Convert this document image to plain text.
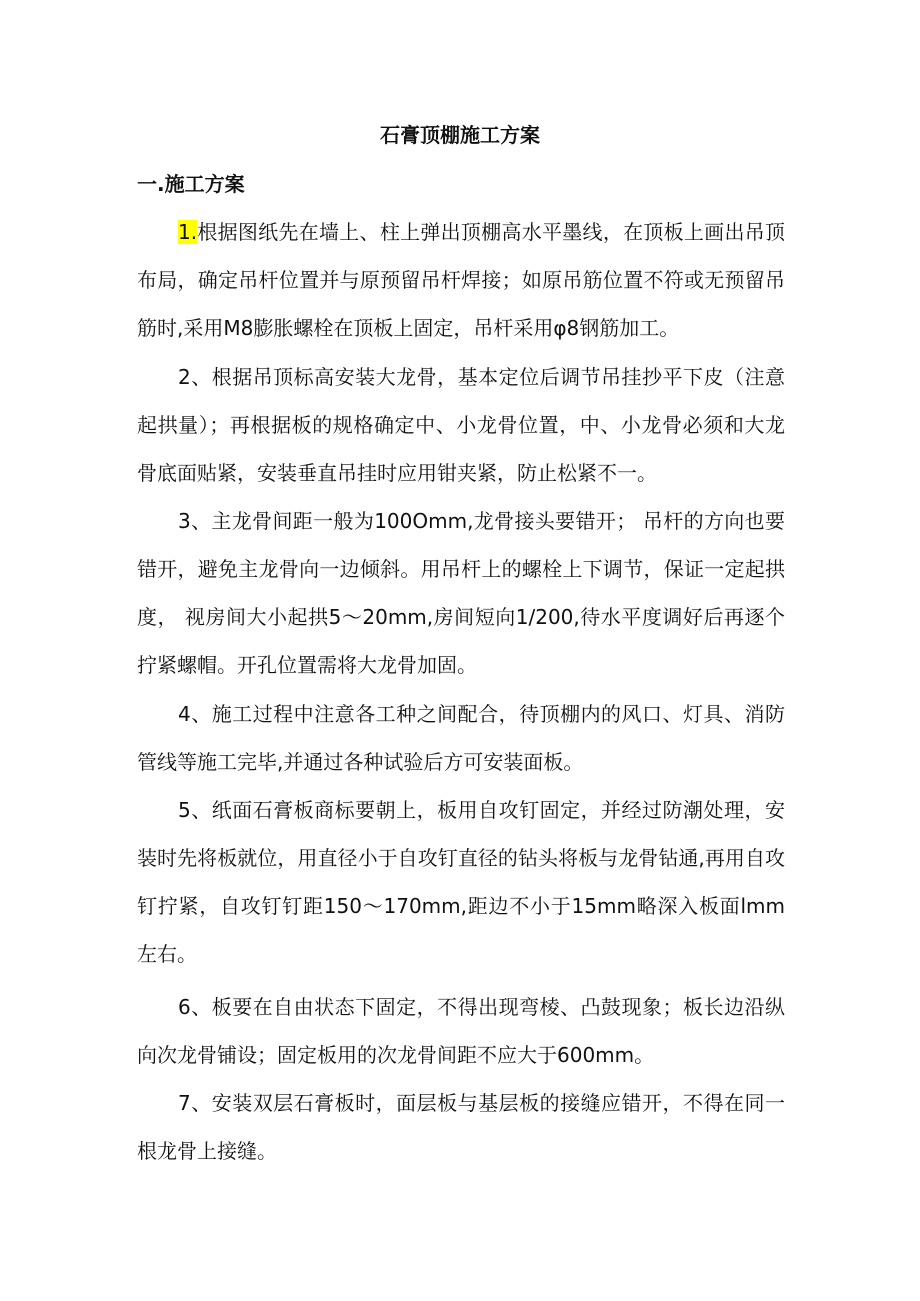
石膏顶棚施工方案
一.施工方案

1.根据图纸先在墙上、柱上弹出顶棚高水平墨线，在顶板上画出吊顶布局，确定吊杆位置并与原预留吊杆焊接；如原吊筋位置不符或无预留吊筋时,采用M8膨胀螺栓在顶板上固定，吊杆采用φ8钢筋加工。

2、根据吊顶标高安装大龙骨，基本定位后调节吊挂抄平下皮（注意起拱量）；再根据板的规格确定中、小龙骨位置，中、小龙骨必须和大龙骨底面贴紧，安装垂直吊挂时应用钳夹紧，防止松紧不一。

3、主龙骨间距一般为100Omm,龙骨接头要错开； 吊杆的方向也要错开，避免主龙骨向一边倾斜。用吊杆上的螺栓上下调节，保证一定起拱度， 视房间大小起拱5～20mm,房间短向1/200,待水平度调好后再逐个拧紧螺帽。开孔位置需将大龙骨加固。

4、施工过程中注意各工种之间配合，待顶棚内的风口、灯具、消防管线等施工完毕,并通过各种试验后方可安装面板。

5、纸面石膏板商标要朝上，板用自攻钉固定，并经过防潮处理，安装时先将板就位，用直径小于自攻钉直径的钻头将板与龙骨钻通,再用自攻钉拧紧，自攻钉钉距150～170mm,距边不小于15mm略深入板面lmm左右。

6、板要在自由状态下固定，不得出现弯棱、凸鼓现象；板长边沿纵向次龙骨铺设；固定板用的次龙骨间距不应大于600mm。

7、安装双层石膏板时，面层板与基层板的接缝应错开，不得在同一根龙骨上接缝。
